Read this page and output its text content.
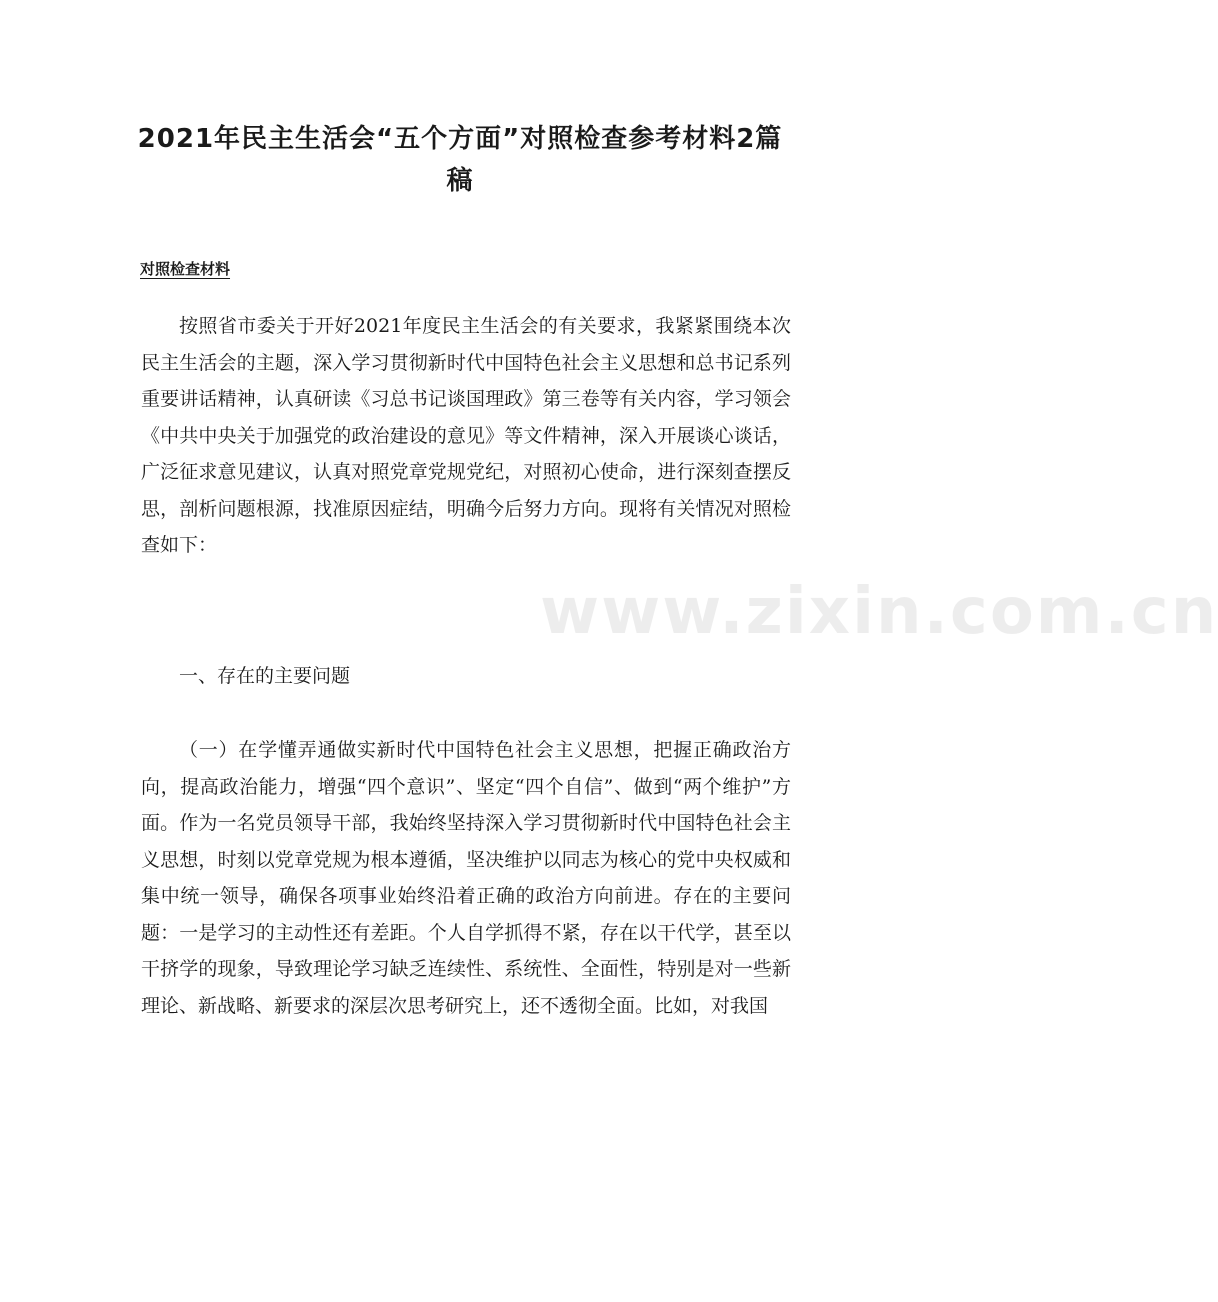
2021年民主生活会“五个方面”对照检查参考材料2篇稿
对照检查材料
按照省市委关于开好2021年度民主生活会的有关要求，我紧紧围绕本次民主生活会的主题，深入学习贯彻新时代中国特色社会主义思想和总书记系列重要讲话精神，认真研读《习总书记谈国理政》第三卷等有关内容，学习领会《中共中央关于加强党的政治建设的意见》等文件精神，深入开展谈心谈话，广泛征求意见建议，认真对照党章党规党纪，对照初心使命，进行深刻查摆反思，剖析问题根源，找准原因症结，明确今后努力方向。现将有关情况对照检查如下：
一、存在的主要问题
（一）在学懂弄通做实新时代中国特色社会主义思想，把握正确政治方向，提高政治能力，增强“四个意识”、坚定“四个自信”、做到“两个维护”方面。作为一名党员领导干部，我始终坚持深入学习贯彻新时代中国特色社会主义思想，时刻以党章党规为根本遵循，坚决维护以同志为核心的党中央权威和集中统一领导，确保各项事业始终沿着正确的政治方向前进。存在的主要问题：一是学习的主动性还有差距。个人自学抓得不紧，存在以干代学，甚至以干挤学的现象，导致理论学习缺乏连续性、系统性、全面性，特别是对一些新理论、新战略、新要求的深层次思考研究上，还不透彻全面。比如，对我国
www.zixin.com.cn
